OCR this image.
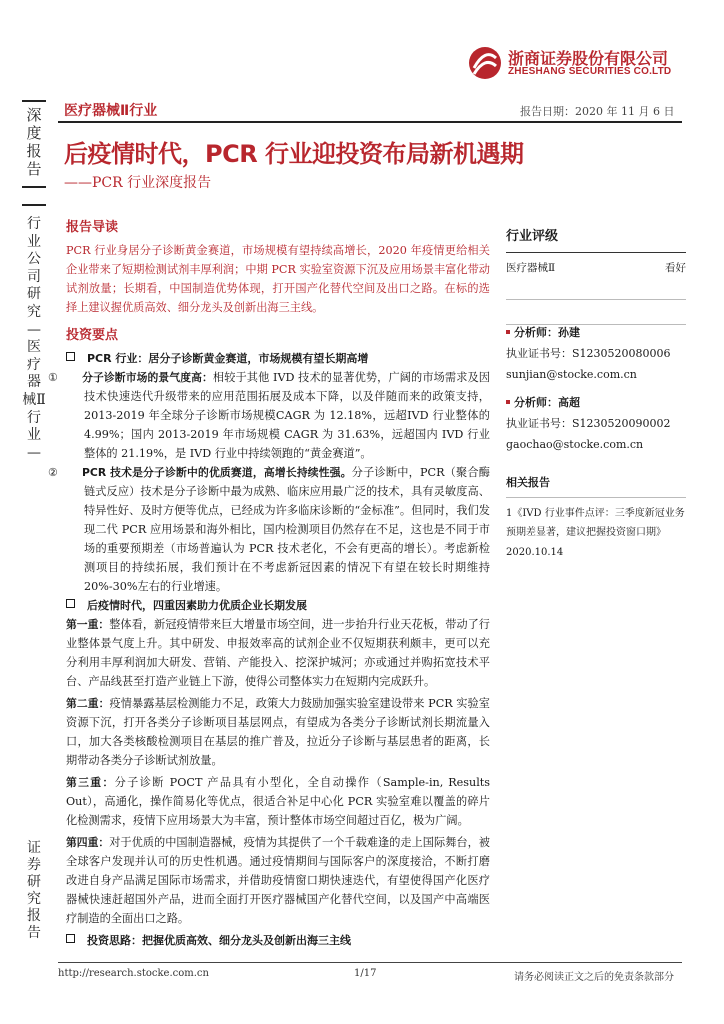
浙商证券股份有限公司
ZHESHANG SECURITIES CO.LTD
深度报告
行业公司研究—医疗器械Ⅱ行业—
证券研究报告
医疗器械Ⅱ行业	报告日期：2020 年 11 月 6 日
后疫情时代，PCR 行业迎投资布局新机遇期
——PCR 行业深度报告
报告导读
PCR 行业身居分子诊断黄金赛道，市场规模有望持续高增长，2020 年疫情更给相关企业带来了短期检测试剂丰厚利润；中期 PCR 实验室资源下沉及应用场景丰富化带动试剂放量；长期看，中国制造优势体现，打开国产化替代空间及出口之路。在标的选择上建议握优质高效、细分龙头及创新出海三主线。
投资要点
PCR 行业：居分子诊断黄金赛道，市场规模有望长期高增
① 分子诊断市场的景气度高：相较于其他 IVD 技术的显著优势，广阔的市场需求及因技术快速迭代升级带来的应用范围拓展及成本下降，以及伴随而来的政策支持，2013-2019 年全球分子诊断市场规模CAGR 为 12.18%，远超IVD 行业整体的 4.99%；国内 2013-2019 年市场规模 CAGR 为 31.63%，远超国内 IVD 行业整体的 21.19%，是 IVD 行业中持续领跑的“黄金赛道”。
② PCR 技术是分子诊断中的优质赛道，高增长持续性强。分子诊断中，PCR（聚合酶链式反应）技术是分子诊断中最为成熟、临床应用最广泛的技术，具有灵敏度高、特异性好、及时方便等优点，已经成为许多临床诊断的“金标准”。但同时，我们发现二代 PCR 应用场景和海外相比，国内检测项目仍然存在不足，这也是不同于市场的重要预期差（市场普遍认为 PCR 技术老化，不会有更高的增长）。考虑新检测项目的持续拓展，我们预计在不考虑新冠因素的情况下有望在较长时期维持 20%-30%左右的行业增速。
后疫情时代，四重因素助力优质企业长期发展
第一重：整体看，新冠疫情带来巨大增量市场空间，进一步抬升行业天花板，带动了行业整体景气度上升。其中研发、申报效率高的试剂企业不仅短期获利颇丰，更可以充分利用丰厚利润加大研发、营销、产能投入、挖深护城河；亦或通过并购拓宽技术平台、产品线甚至打造产业链上下游，使得公司整体实力在短期内完成跃升。
第二重：疫情暴露基层检测能力不足，政策大力鼓励加强实验室建设带来 PCR 实验室资源下沉，打开各类分子诊断项目基层网点，有望成为各类分子诊断试剂长期流量入口，加大各类核酸检测项目在基层的推广普及，拉近分子诊断与基层患者的距离，长期带动各类分子诊断试剂放量。
第三重：分子诊断 POCT 产品具有小型化，全自动操作（Sample-in, Results Out），高通化，操作简易化等优点，很适合补足中心化 PCR 实验室难以覆盖的碎片化检测需求，疫情下应用场景大为丰富，预计整体市场空间超过百亿，极为广阔。
第四重：对于优质的中国制造器械，疫情为其提供了一个千载难逢的走上国际舞台，被全球客户发现并认可的历史性机遇。通过疫情期间与国际客户的深度接洽，不断打磨改进自身产品满足国际市场需求，并借助疫情窗口期快速迭代，有望使得国产化医疗器械快速赶超国外产品，进而全面打开医疗器械国产化替代空间，以及国产中高端医疗制造的全面出口之路。
投资思路：把握优质高效、细分龙头及创新出海三主线
行业评级
医疗器械Ⅱ	看好
分析师：孙建
执业证书号：S1230520080006
sunjian@stocke.com.cn
分析师：高超
执业证书号：S1230520090002
gaochao@stocke.com.cn
相关报告
1《IVD 行业事件点评：三季度新冠业务预期差显著，建议把握投资窗口期》
2020.10.14
http://research.stocke.com.cn	1/17	请务必阅读正文之后的免责条款部分
